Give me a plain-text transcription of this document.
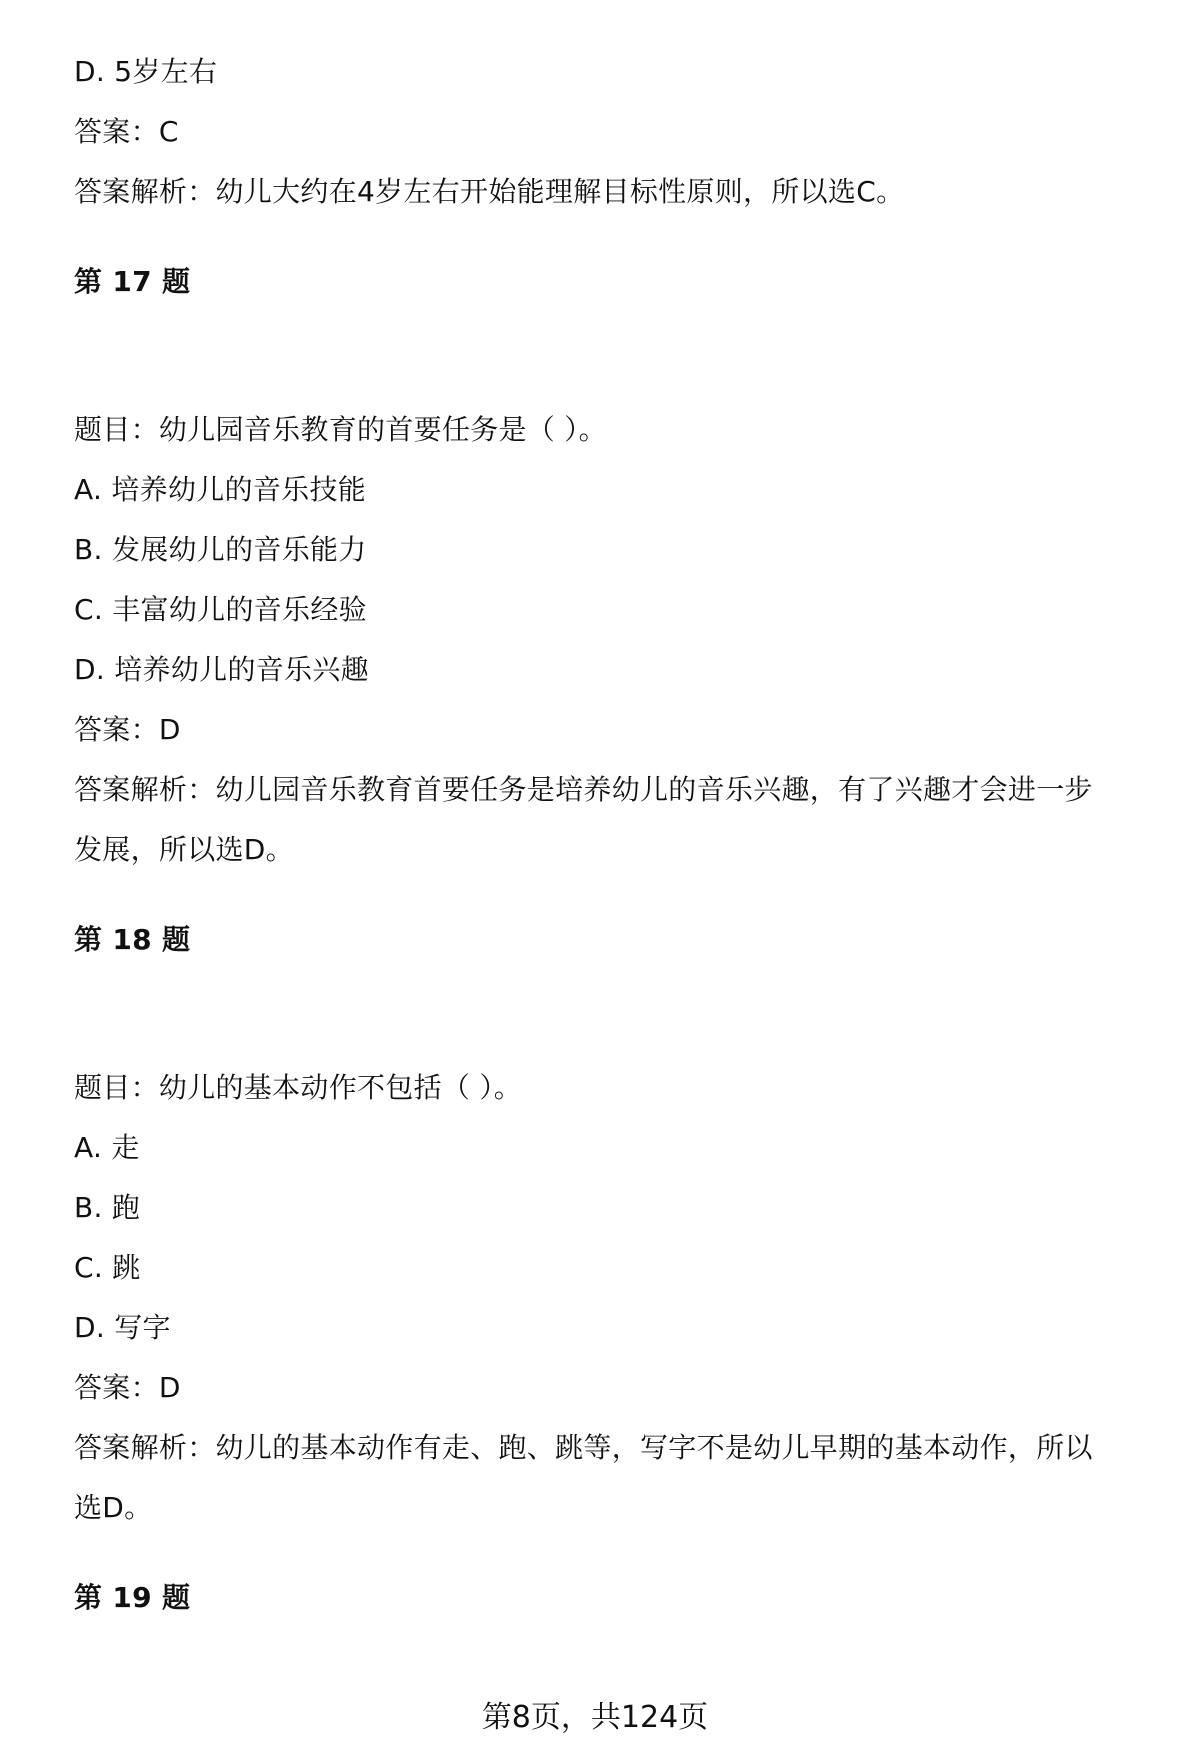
D. 5岁左右
答案：C
答案解析：幼儿大约在4岁左右开始能理解目标性原则，所以选C。
第 17 题
题目：幼儿园音乐教育的首要任务是（ ）。
A. 培养幼儿的音乐技能
B. 发展幼儿的音乐能力
C. 丰富幼儿的音乐经验
D. 培养幼儿的音乐兴趣
答案：D
答案解析：幼儿园音乐教育首要任务是培养幼儿的音乐兴趣，有了兴趣才会进一步
发展，所以选D。
第 18 题
题目：幼儿的基本动作不包括（ ）。
A. 走
B. 跑
C. 跳
D. 写字
答案：D
答案解析：幼儿的基本动作有走、跑、跳等，写字不是幼儿早期的基本动作，所以
选D。
第 19 题
第8页，共124页
